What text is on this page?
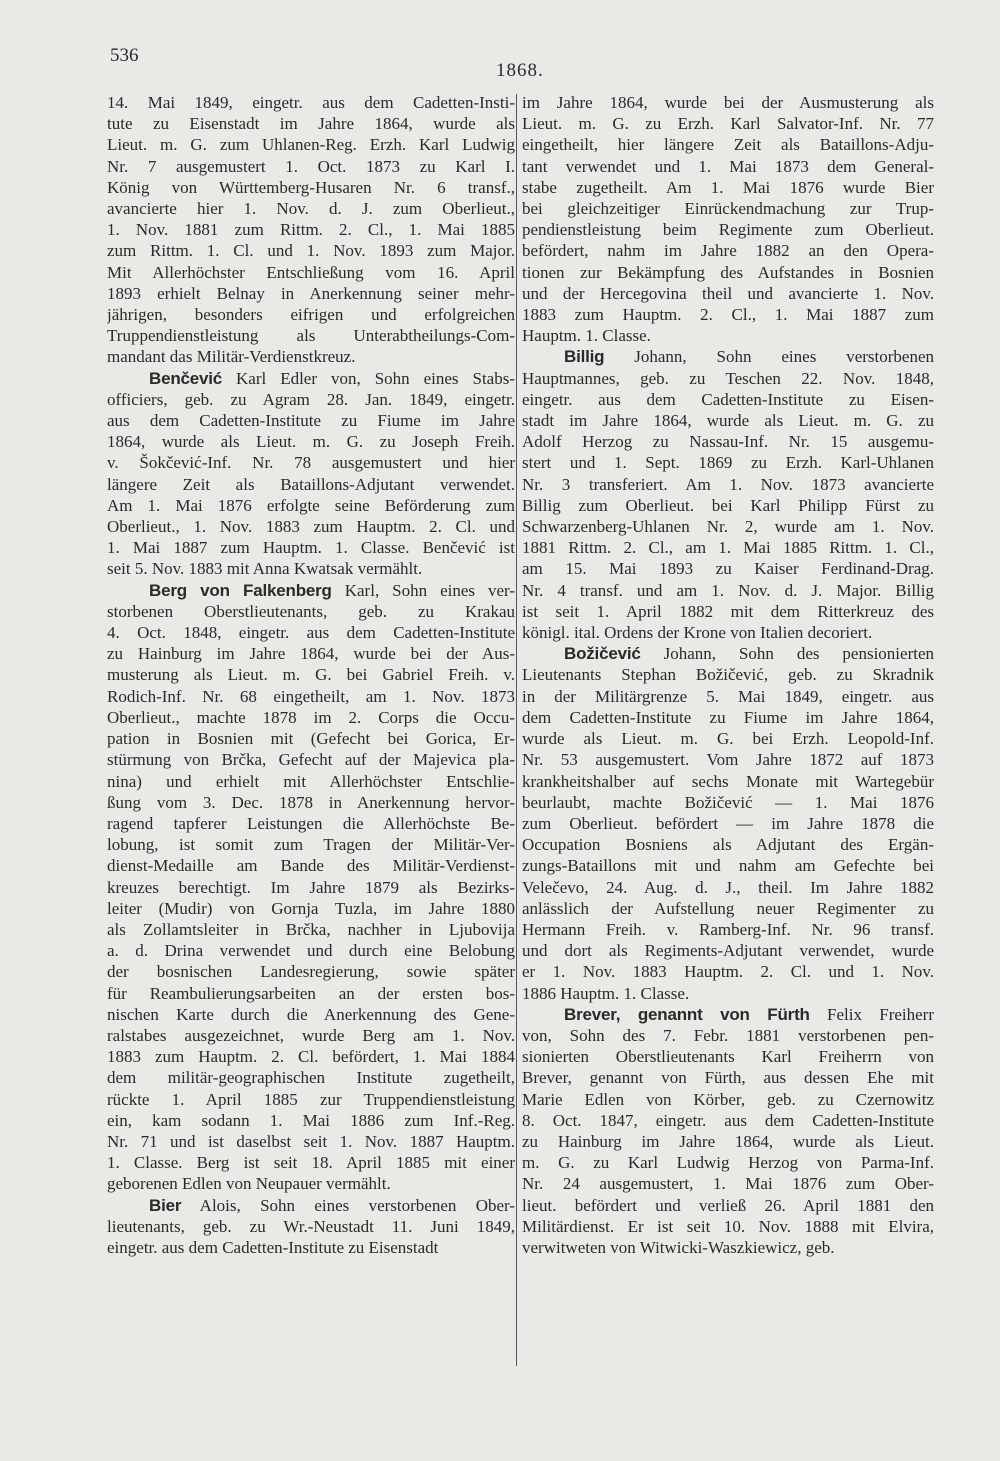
536
1868.
14. Mai 1849, eingetr. aus dem Cadetten-Insti-
tute zu Eisenstadt im Jahre 1864, wurde als
Lieut. m. G. zum Uhlanen-Reg. Erzh. Karl Ludwig
Nr. 7 ausgemustert 1. Oct. 1873 zu Karl I.
König von Württemberg-Husaren Nr. 6 transf.,
avancierte hier 1. Nov. d. J. zum Oberlieut.,
1. Nov. 1881 zum Rittm. 2. Cl., 1. Mai 1885
zum Rittm. 1. Cl. und 1. Nov. 1893 zum Major.
Mit Allerhöchster Entschließung vom 16. April
1893 erhielt Belnay in Anerkennung seiner mehr-
jährigen, besonders eifrigen und erfolgreichen
Truppendienstleistung als Unterabtheilungs-Com-
mandant das Militär-Verdienstkreuz.
Benčević Karl Edler von, Sohn eines Stabs-
officiers, geb. zu Agram 28. Jan. 1849, eingetr.
aus dem Cadetten-Institute zu Fiume im Jahre
1864, wurde als Lieut. m. G. zu Joseph Freih.
v. Šokčević-Inf. Nr. 78 ausgemustert und hier
längere Zeit als Bataillons-Adjutant verwendet.
Am 1. Mai 1876 erfolgte seine Beförderung zum
Oberlieut., 1. Nov. 1883 zum Hauptm. 2. Cl. und
1. Mai 1887 zum Hauptm. 1. Classe. Benčević ist
seit 5. Nov. 1883 mit Anna Kwatsak vermählt.
Berg von Falkenberg Karl, Sohn eines ver-
storbenen Oberstlieutenants, geb. zu Krakau
4. Oct. 1848, eingetr. aus dem Cadetten-Institute
zu Hainburg im Jahre 1864, wurde bei der Aus-
musterung als Lieut. m. G. bei Gabriel Freih. v.
Rodich-Inf. Nr. 68 eingetheilt, am 1. Nov. 1873
Oberlieut., machte 1878 im 2. Corps die Occu-
pation in Bosnien mit (Gefecht bei Gorica, Er-
stürmung von Brčka, Gefecht auf der Majevica pla-
nina) und erhielt mit Allerhöchster Entschlie-
ßung vom 3. Dec. 1878 in Anerkennung hervor-
ragend tapferer Leistungen die Allerhöchste Be-
lobung, ist somit zum Tragen der Militär-Ver-
dienst-Medaille am Bande des Militär-Verdienst-
kreuzes berechtigt. Im Jahre 1879 als Bezirks-
leiter (Mudir) von Gornja Tuzla, im Jahre 1880
als Zollamtsleiter in Brčka, nachher in Ljubovija
a. d. Drina verwendet und durch eine Belobung
der bosnischen Landesregierung, sowie später
für Reambulierungsarbeiten an der ersten bos-
nischen Karte durch die Anerkennung des Gene-
ralstabes ausgezeichnet, wurde Berg am 1. Nov.
1883 zum Hauptm. 2. Cl. befördert, 1. Mai 1884
dem militär-geographischen Institute zugetheilt,
rückte 1. April 1885 zur Truppendienstleistung
ein, kam sodann 1. Mai 1886 zum Inf.-Reg.
Nr. 71 und ist daselbst seit 1. Nov. 1887 Hauptm.
1. Classe. Berg ist seit 18. April 1885 mit einer
geborenen Edlen von Neupauer vermählt.
Bier Alois, Sohn eines verstorbenen Ober-
lieutenants, geb. zu Wr.-Neustadt 11. Juni 1849,
eingetr. aus dem Cadetten-Institute zu Eisenstadt
im Jahre 1864, wurde bei der Ausmusterung als
Lieut. m. G. zu Erzh. Karl Salvator-Inf. Nr. 77
eingetheilt, hier längere Zeit als Bataillons-Adju-
tant verwendet und 1. Mai 1873 dem General-
stabe zugetheilt. Am 1. Mai 1876 wurde Bier
bei gleichzeitiger Einrückendmachung zur Trup-
pendienstleistung beim Regimente zum Oberlieut.
befördert, nahm im Jahre 1882 an den Opera-
tionen zur Bekämpfung des Aufstandes in Bosnien
und der Hercegovina theil und avancierte 1. Nov.
1883 zum Hauptm. 2. Cl., 1. Mai 1887 zum
Hauptm. 1. Classe.
Billig Johann, Sohn eines verstorbenen
Hauptmannes, geb. zu Teschen 22. Nov. 1848,
eingetr. aus dem Cadetten-Institute zu Eisen-
stadt im Jahre 1864, wurde als Lieut. m. G. zu
Adolf Herzog zu Nassau-Inf. Nr. 15 ausgemu-
stert und 1. Sept. 1869 zu Erzh. Karl-Uhlanen
Nr. 3 transferiert. Am 1. Nov. 1873 avancierte
Billig zum Oberlieut. bei Karl Philipp Fürst zu
Schwarzenberg-Uhlanen Nr. 2, wurde am 1. Nov.
1881 Rittm. 2. Cl., am 1. Mai 1885 Rittm. 1. Cl.,
am 15. Mai 1893 zu Kaiser Ferdinand-Drag.
Nr. 4 transf. und am 1. Nov. d. J. Major. Billig
ist seit 1. April 1882 mit dem Ritterkreuz des
königl. ital. Ordens der Krone von Italien decoriert.
Božičević Johann, Sohn des pensionierten
Lieutenants Stephan Božičević, geb. zu Skradnik
in der Militärgrenze 5. Mai 1849, eingetr. aus
dem Cadetten-Institute zu Fiume im Jahre 1864,
wurde als Lieut. m. G. bei Erzh. Leopold-Inf.
Nr. 53 ausgemustert. Vom Jahre 1872 auf 1873
krankheitshalber auf sechs Monate mit Wartegebür
beurlaubt, machte Božičević — 1. Mai 1876
zum Oberlieut. befördert — im Jahre 1878 die
Occupation Bosniens als Adjutant des Ergän-
zungs-Bataillons mit und nahm am Gefechte bei
Velečevo, 24. Aug. d. J., theil. Im Jahre 1882
anlässlich der Aufstellung neuer Regimenter zu
Hermann Freih. v. Ramberg-Inf. Nr. 96 transf.
und dort als Regiments-Adjutant verwendet, wurde
er 1. Nov. 1883 Hauptm. 2. Cl. und 1. Nov.
1886 Hauptm. 1. Classe.
Brever, genannt von Fürth Felix Freiherr
von, Sohn des 7. Febr. 1881 verstorbenen pen-
sionierten Oberstlieutenants Karl Freiherrn von
Brever, genannt von Fürth, aus dessen Ehe mit
Marie Edlen von Körber, geb. zu Czernowitz
8. Oct. 1847, eingetr. aus dem Cadetten-Institute
zu Hainburg im Jahre 1864, wurde als Lieut.
m. G. zu Karl Ludwig Herzog von Parma-Inf.
Nr. 24 ausgemustert, 1. Mai 1876 zum Ober-
lieut. befördert und verließ 26. April 1881 den
Militärdienst. Er ist seit 10. Nov. 1888 mit Elvira,
verwitweten von Witwicki-Waszkiewicz, geb.
